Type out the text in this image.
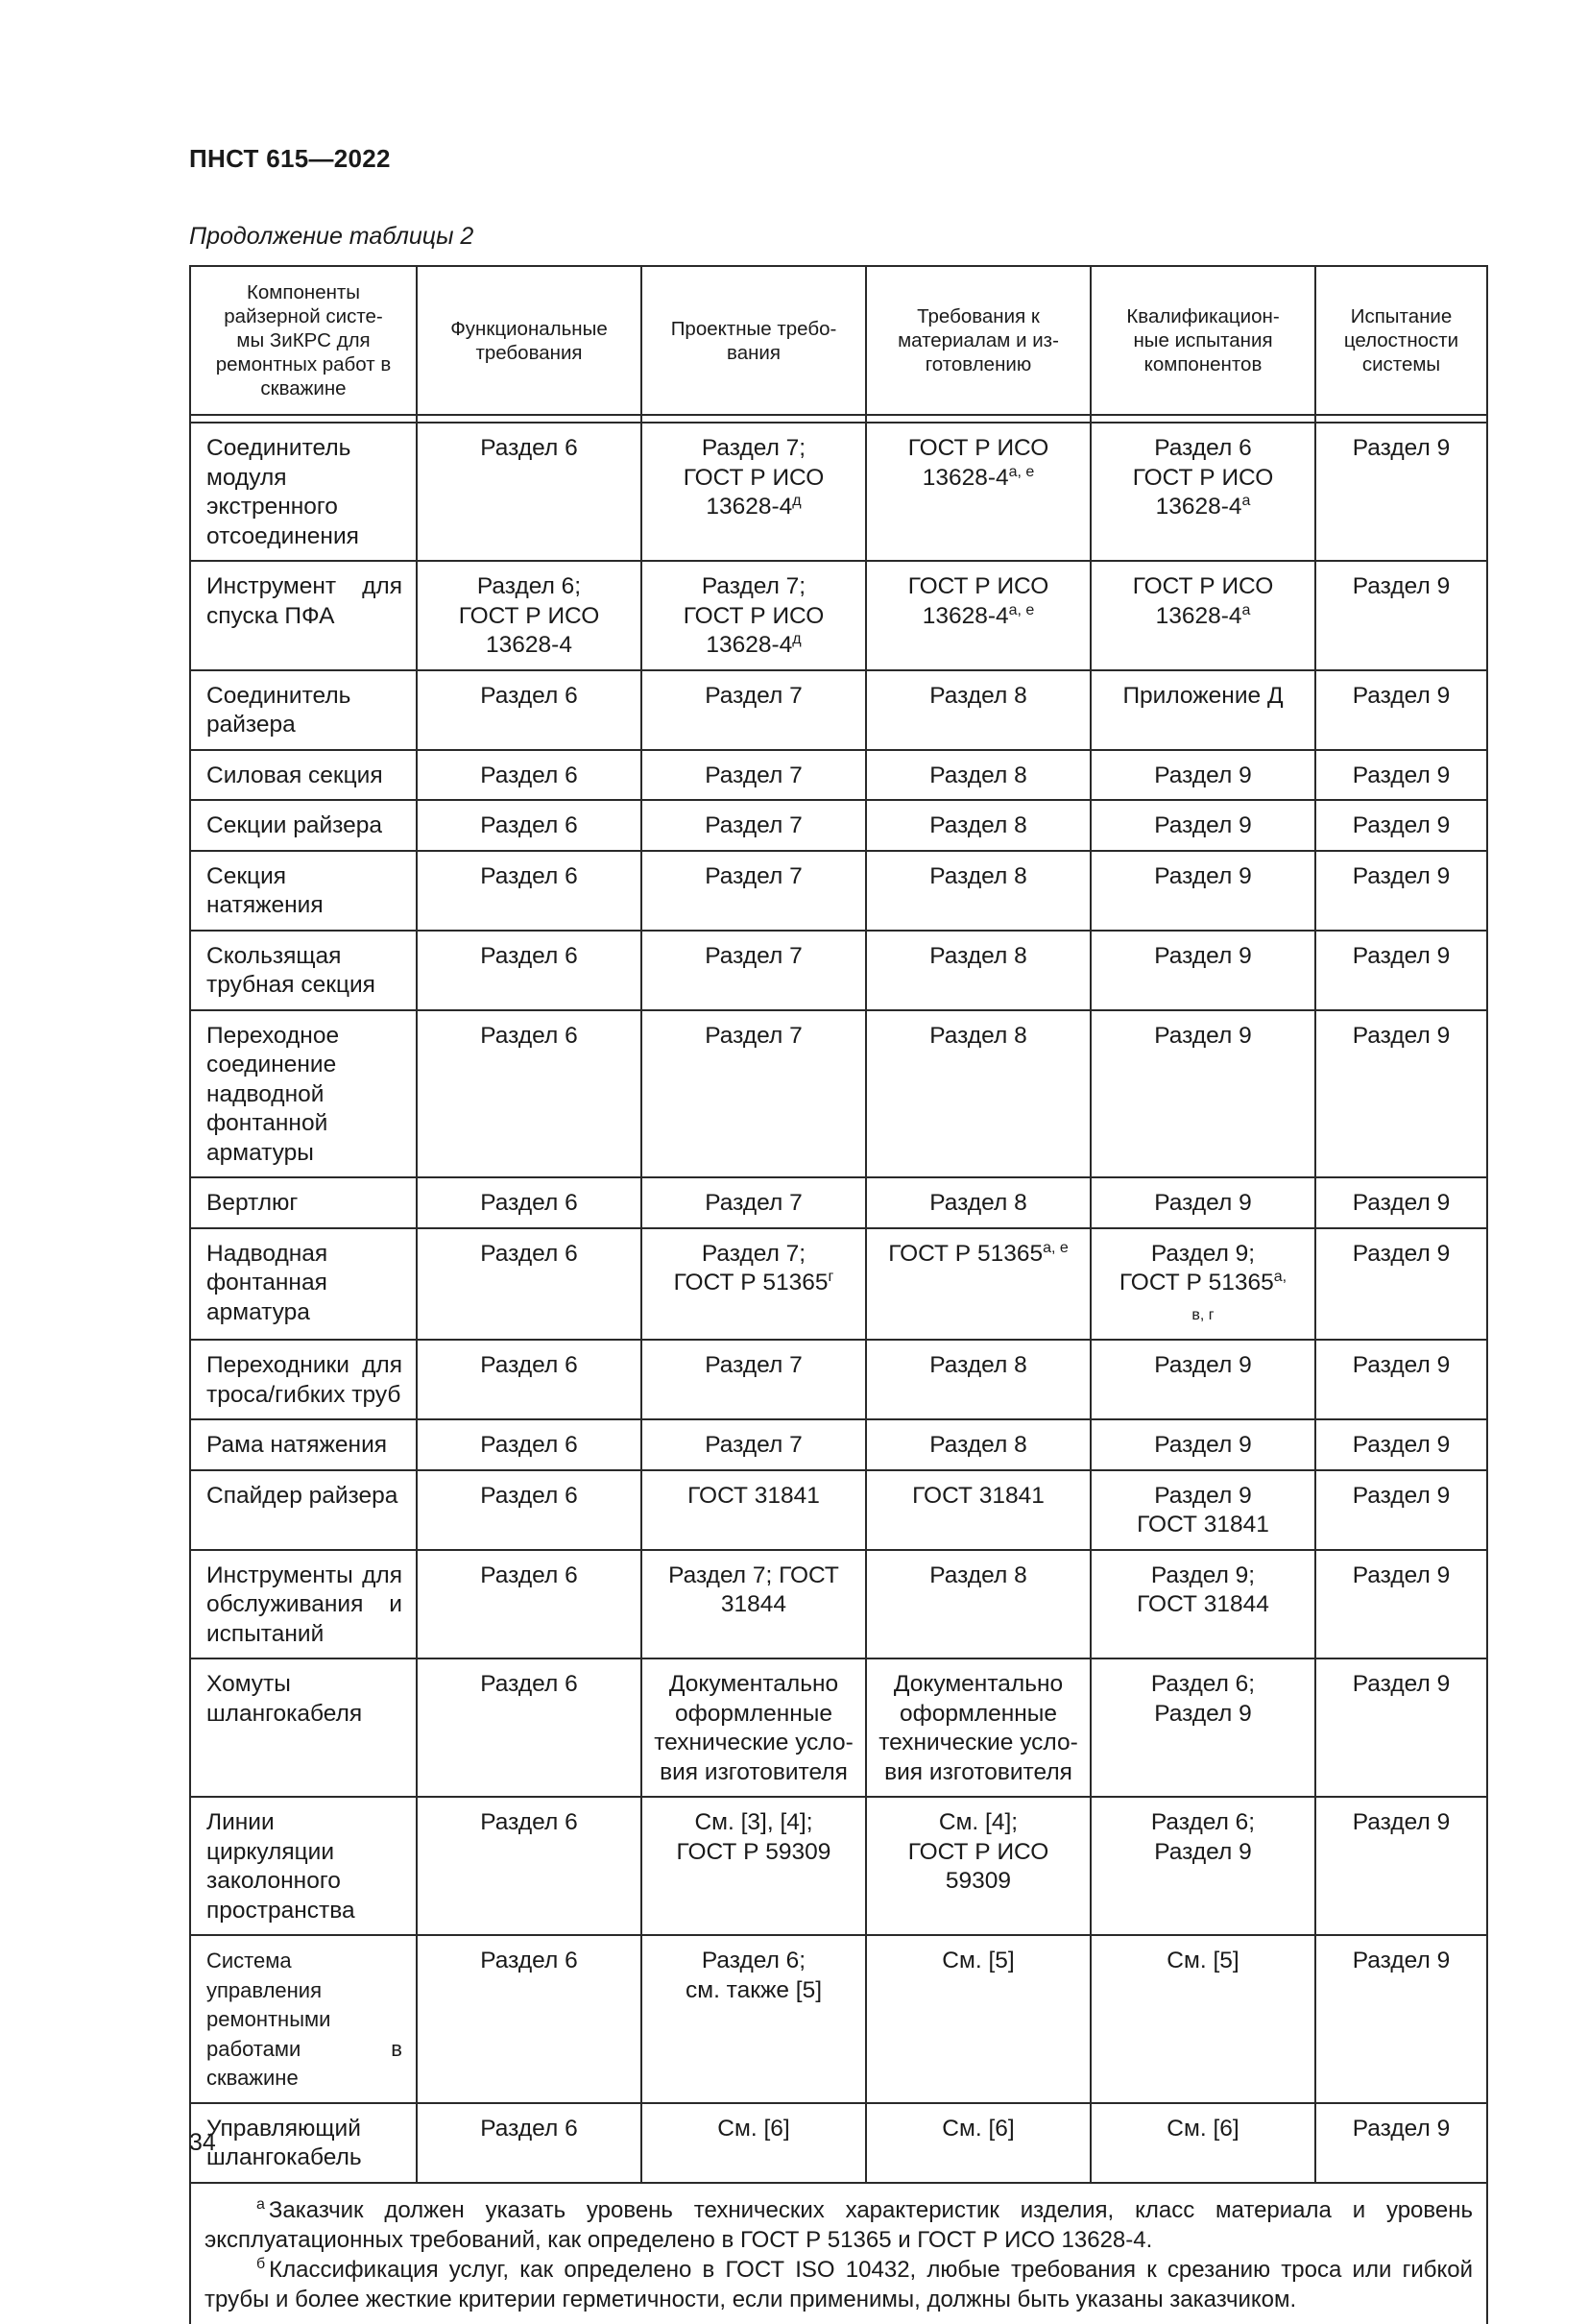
ПНСТ 615—2022
Продолжение таблицы 2
Компоненты
райзерной систе-
мы ЗиКРС для
ремонтных работ в
скважине	Функциональные
требования	Проектные требо-
вания	Требования к
материалам и из-
готовлению	Квалификацион-
ные испытания
компонентов	Испытание
целостности
системы

Соединитель модуля экстренного отсоединения	Раздел 6	Раздел 7;
ГОСТ Р ИСО
$13628-4^д$	ГОСТ Р ИСО
$13628-4^{а, е}$	Раздел 6
ГОСТ Р ИСО
$13628-4^а$	Раздел 9
Инструмент для спуска ПФА	Раздел 6;
ГОСТ Р ИСО
13628-4	Раздел 7;
ГОСТ Р ИСО
$13628-4^д$	ГОСТ Р ИСО
$13628-4^{а, е}$	ГОСТ Р ИСО
$13628-4^а$	Раздел 9
Соединитель райзера	Раздел 6	Раздел 7	Раздел 8	Приложение Д	Раздел 9
Силовая секция	Раздел 6	Раздел 7	Раздел 8	Раздел 9	Раздел 9
Секции райзера	Раздел 6	Раздел 7	Раздел 8	Раздел 9	Раздел 9
Секция натяжения	Раздел 6	Раздел 7	Раздел 8	Раздел 9	Раздел 9
Скользящая трубная секция	Раздел 6	Раздел 7	Раздел 8	Раздел 9	Раздел 9
Переходное соединение надводной фонтанной арматуры	Раздел 6	Раздел 7	Раздел 8	Раздел 9	Раздел 9
Вертлюг	Раздел 6	Раздел 7	Раздел 8	Раздел 9	Раздел 9
Надводная фонтанная арматура	Раздел 6	Раздел 7;
ГОСТ Р $51365^г$	ГОСТ Р $51365^{а, е}$	Раздел 9;
ГОСТ Р $51365^{а,}$
в, г	Раздел 9
Переходники для троса/гибких труб	Раздел 6	Раздел 7	Раздел 8	Раздел 9	Раздел 9
Рама натяжения	Раздел 6	Раздел 7	Раздел 8	Раздел 9	Раздел 9
Спайдер райзера	Раздел 6	ГОСТ 31841	ГОСТ 31841	Раздел 9
ГОСТ 31841	Раздел 9
Инструменты для обслуживания и испытаний	Раздел 6	Раздел 7; ГОСТ
31844	Раздел 8	Раздел 9;
ГОСТ 31844	Раздел 9
Хомуты шлангокабеля	Раздел 6	Документально
оформленные
технические усло-
вия изготовителя	Документально
оформленные
технические усло-
вия изготовителя	Раздел 6;
Раздел 9	Раздел 9
Линии циркуляции заколонного пространства	Раздел 6	См. [3], [4];
ГОСТ Р 59309	См. [4];
ГОСТ Р ИСО
59309	Раздел 6;
Раздел 9	Раздел 9
Система управления ремонтными работами в скважине	Раздел 6	Раздел 6;
см. также [5]	См. [5]	См. [5]	Раздел 9
Управляющий шлангокабель	Раздел 6	См. [6]	См. [6]	См. [6]	Раздел 9

$^а$ Заказчик должен указать уровень технических характеристик изделия, класс материала и уровень эксплуатационных требований, как определено в ГОСТ Р 51365 и ГОСТ Р ИСО 13628-4.

$^б$ Классификация услуг, как определено в ГОСТ ISO 10432, любые требования к срезанию троса или гибкой трубы и более жесткие критерии герметичности, если применимы, должны быть указаны заказчиком.					

34
